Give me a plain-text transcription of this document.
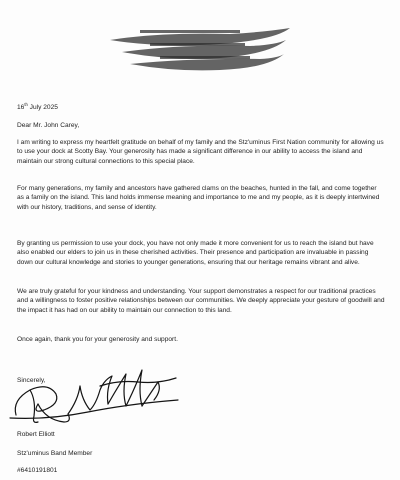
16th July 2025

Dear Mr. John Carey,

I am writing to express my heartfelt gratitude on behalf of my family and the Stz'uminus First Nation community for allowing us to use your dock at Scotty Bay. Your generosity has made a significant difference in our ability to access the island and maintain our strong cultural connections to this special place.

For many generations, my family and ancestors have gathered clams on the beaches, hunted in the fall, and come together as a family on the island. This land holds immense meaning and importance to me and my people, as it is deeply intertwined with our history, traditions, and sense of identity.

By granting us permission to use your dock, you have not only made it more convenient for us to reach the island but have also enabled our elders to join us in these cherished activities. Their presence and participation are invaluable in passing down our cultural knowledge and stories to younger generations, ensuring that our heritage remains vibrant and alive.

We are truly grateful for your kindness and understanding. Your support demonstrates a respect for our traditional practices and a willingness to foster positive relationships between our communities. We deeply appreciate your gesture of goodwill and the impact it has had on our ability to maintain our connection to this land.

Once again, thank you for your generosity and support.

Sincerely,

Robert Elliott

Stz'uminus Band Member

#6410191801
